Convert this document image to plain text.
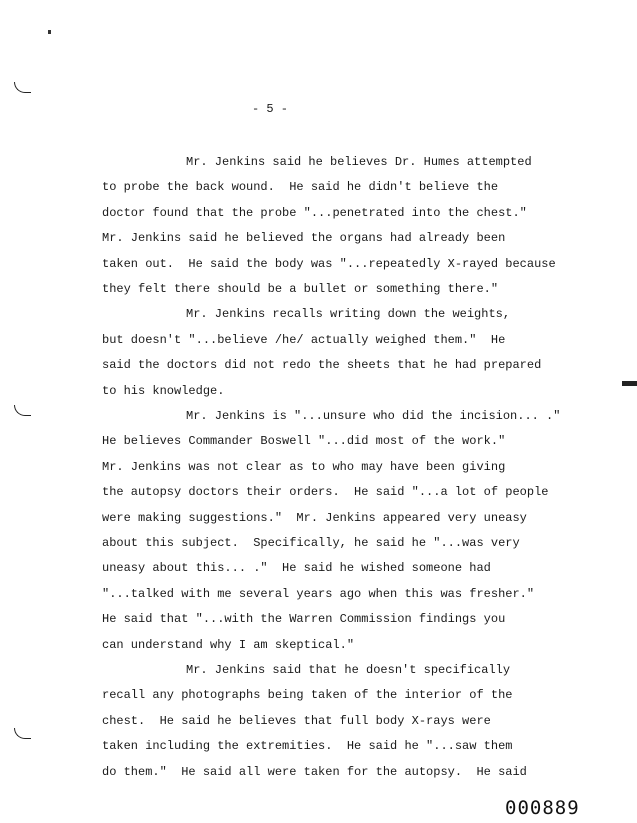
- 5 -
Mr. Jenkins said he believes Dr. Humes attempted
to probe the back wound.  He said he didn't believe the
doctor found that the probe "...penetrated into the chest."
Mr. Jenkins said he believed the organs had already been
taken out.  He said the body was "...repeatedly X-rayed because
they felt there should be a bullet or something there."
Mr. Jenkins recalls writing down the weights,
but doesn't "...believe /he/ actually weighed them."  He
said the doctors did not redo the sheets that he had prepared
to his knowledge.
Mr. Jenkins is "...unsure who did the incision... ."
He believes Commander Boswell "...did most of the work."
Mr. Jenkins was not clear as to who may have been giving
the autopsy doctors their orders.  He said "...a lot of people
were making suggestions."  Mr. Jenkins appeared very uneasy
about this subject.  Specifically, he said he "...was very
uneasy about this... ."  He said he wished someone had
"...talked with me several years ago when this was fresher."
He said that "...with the Warren Commission findings you
can understand why I am skeptical."
Mr. Jenkins said that he doesn't specifically
recall any photographs being taken of the interior of the
chest.  He said he believes that full body X-rays were
taken including the extremities.  He said he "...saw them
do them."  He said all were taken for the autopsy.  He said
000889
